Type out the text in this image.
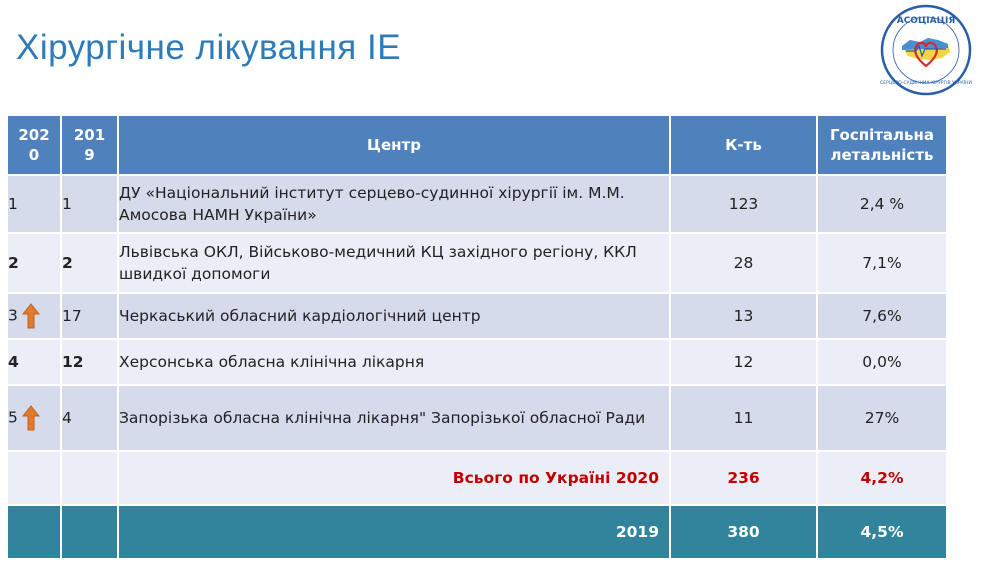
Хірургічне лікування ІЕ
АСОЦІАЦІЯ
СЕРЦЕВО-СУДИННИХ ХІРУРГІВ УКРАЇНИ
2020	2019	Центр	К-ть	Госпітальна летальність
1	1	ДУ «Національний інститут серцево-судинної хірургії ім. М.М. Амосова НАМН України»	123	2,4 %
2	2	Львівська ОКЛ, Військово-медичний КЦ західного регіону, ККЛ швидкої допомоги	28	7,1%
3	17	Черкаський обласний кардіологічний центр	13	7,6%
4	12	Херсонська обласна клінічна лікарня	12	0,0%
5	4	Запорізька обласна клінічна лікарня" Запорізької обласної Ради	11	27%
		Всього по Україні 2020	236	4,2%
		2019	380	4,5%
